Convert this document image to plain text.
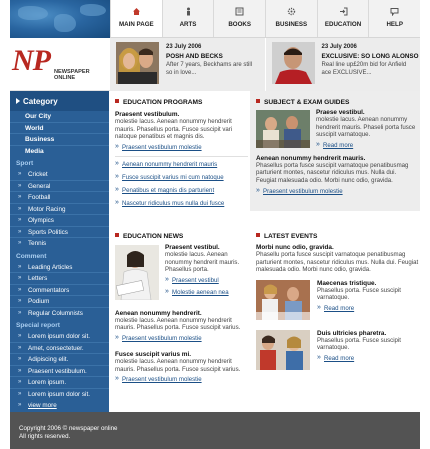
MAIN PAGE	ARTS	BOOKS	BUSINESS	EDUCATION	HELP
NP NEWSPAPER ONLINE
23 July 2006
POSH AND BECKS
After 7 years, Beckhams are still so in love...
23 July 2006
EXCLUSIVE: SO LONG ALONSO
Real line up£20m bid for Anfield ace EXCLUSIVE...
Category
Our City
World
Business
Media
Sport
» Cricket
» General
» Football
» Motor Racing
» Olympics
» Sports Politics
» Tennis
Comment
» Leading Articles
» Letters
» Commentators
» Podium
» Regular Columnists
Special report
» Lorem ipsum dolor sit.
» Amet, consectetuer.
» Adipiscing elit.
» Praesent vestibulum.
» Lorem ipsum.
» Lorem ipsum dolor sit.
» view more
EDUCATION PROGRAMS
Praesent vestibulum.
molestie lacus. Aenean nonummy hendrerit mauris. Phasellus porta. Fusce suscipit vari natoque penatibus et magnis dis.
» Praesent vestibulum molestie
» Aenean nonummy hendrerit mauris
» Fusce suscipit varius mi cum natoque
» Penatibus et magnis dis parturient
» Nascetur ridiculus mus nulla dui fusce
SUBJECT & EXAM GUIDES
Praese vestibul.
molestie lacus. Aenean nonummy hendrerit mauris. Phaseli porta fusce suscipit varnatoque.
» Read more
Aenean nonummy hendrerit mauris.
Phasellus porta fusce suscipit varnatoque penatibusmag parturient montes, nascetur ridiculus mus. Nulla dui. Feugiat malesuada odio. Morbi nunc odio, gravida.
» Praesent vestibulum molestie
EDUCATION NEWS
Praesent vestibul.
molestie lacus. Aenean nonummy hendrerit mauris. Phasellus porta.
» Praesent vestibul
» Molestie aenean nea
Aenean nonummy hendrerit.
molestie lacus. Aenean nonummy hendrerit mauris. Phasellus porta. Fusce suscipit varius.
» Praesent vestibulum molestie
Fusce suscipit varius mi.
molestie lacus. Aenean nonummy hendrerit mauris. Phasellus porta. Fusce suscipit varius.
» Praesent vestibulum molestie
LATEST EVENTS
Morbi nunc odio, gravida.
Phasellu porta fusce suscipit varnatoque penatibusmag parturient montes, nascetur ridiculus mus. Nulla dui. Feugiat malesuada odio. Morbi nunc odio, gravida.
Maecenas tristique.
Phasellus porta. Fusce suscipit varnatoque.
» Read more
Duis ultricies pharetra.
Phasellus porta. Fusce suscipit varnatoque.
» Read more
Copyright 2006 © newspaper online
All rights reserved.
